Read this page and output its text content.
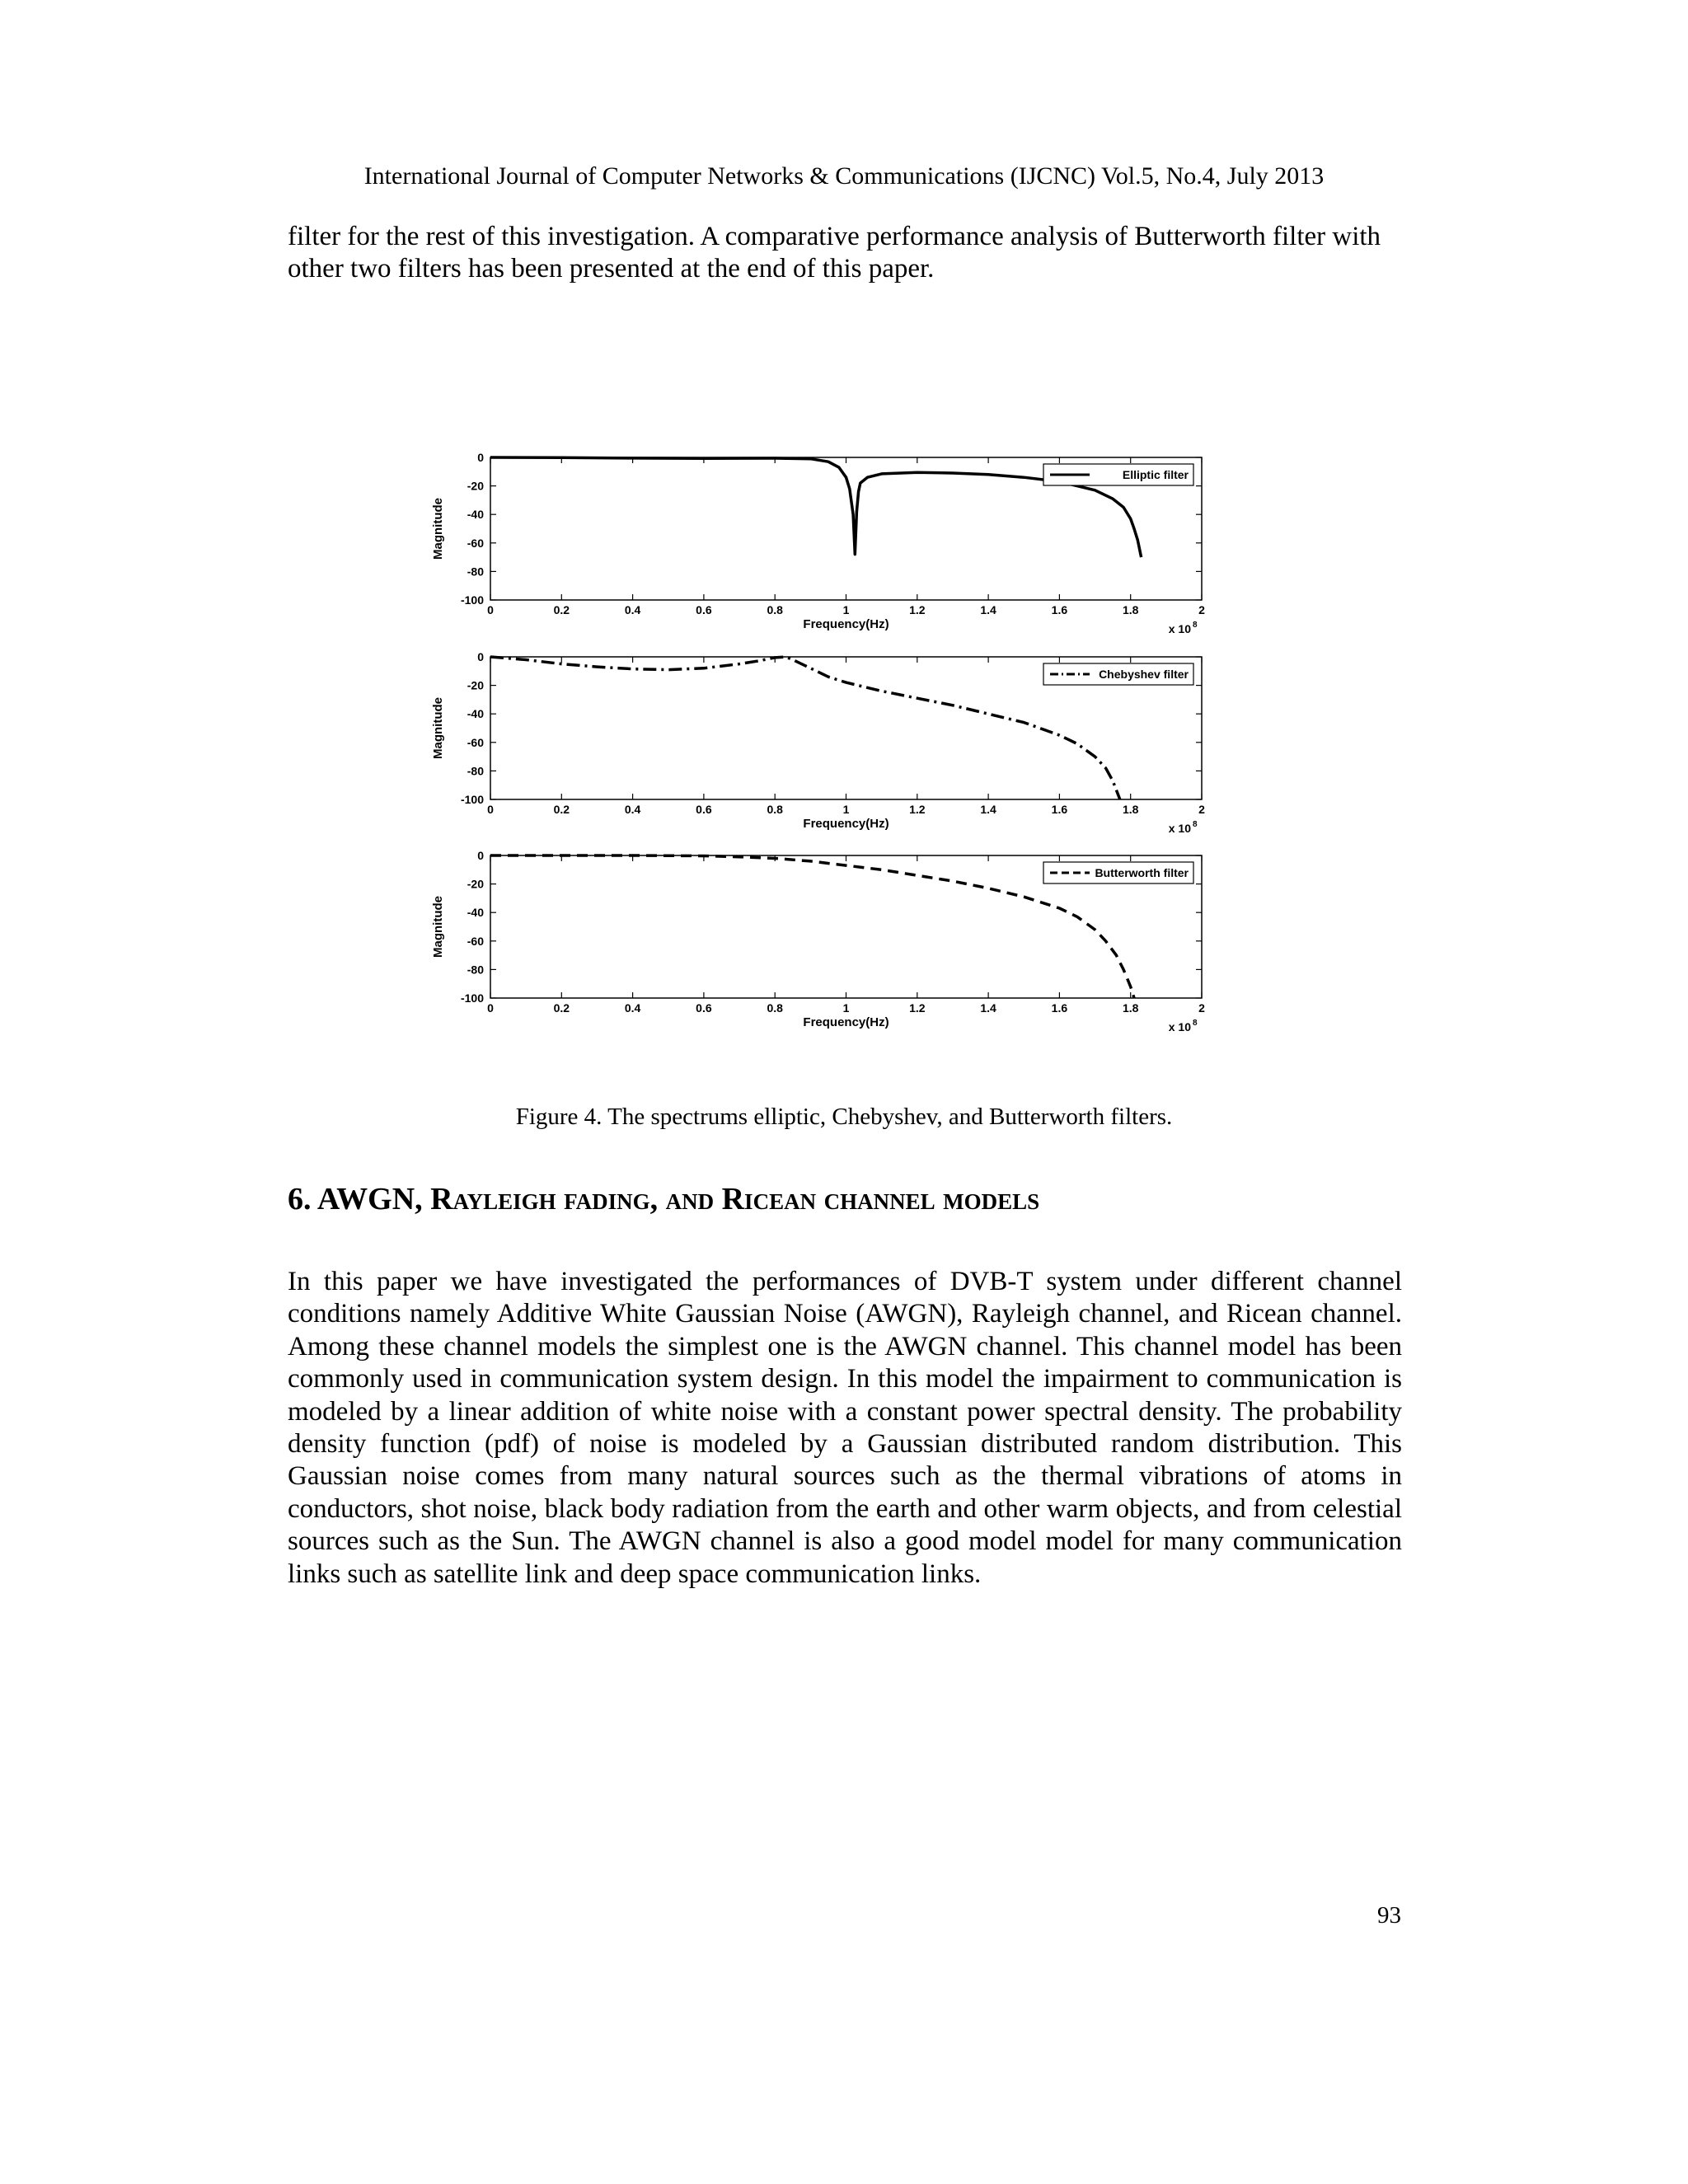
International Journal of Computer Networks & Communications (IJCNC) Vol.5, No.4, July 2013
filter for the rest of this investigation. A comparative performance analysis of Butterworth filter with other two filters has been presented at the end of this paper.
0	0.2	0.4	0.6	0.8	1	1.2	1.4	1.6	1.8	2
0
-20
-40
-60
-80
-100
Frequency(Hz)
Magnitude
x 10 8
Elliptic filter
0	0.2	0.4	0.6	0.8	1	1.2	1.4	1.6	1.8	2
0
-20
-40
-60
-80
-100
Frequency(Hz)
Magnitude
x 10 8
Chebyshev filter
0	0.2	0.4	0.6	0.8	1	1.2	1.4	1.6	1.8	2
0
-20
-40
-60
-80
-100
Frequency(Hz)
Magnitude
x 10 8
Butterworth filter
Figure 4. The spectrums elliptic, Chebyshev, and Butterworth filters.
6. AWGN, Rayleigh fading, and Ricean channel models
In this paper we have investigated the performances of DVB-T system under different channel conditions namely Additive White Gaussian Noise (AWGN), Rayleigh channel, and Ricean channel. Among these channel models the simplest one is the AWGN channel. This channel model has been commonly used in communication system design. In this model the impairment to communication is modeled by a linear addition of white noise with a constant power spectral density. The probability density function (pdf) of noise is modeled by a Gaussian distributed random distribution. This Gaussian noise comes from many natural sources such as the thermal vibrations of atoms in conductors, shot noise, black body radiation from the earth and other warm objects, and from celestial sources such as the Sun. The AWGN channel is also a good model model for many communication links such as satellite link and deep space communication links.
93
